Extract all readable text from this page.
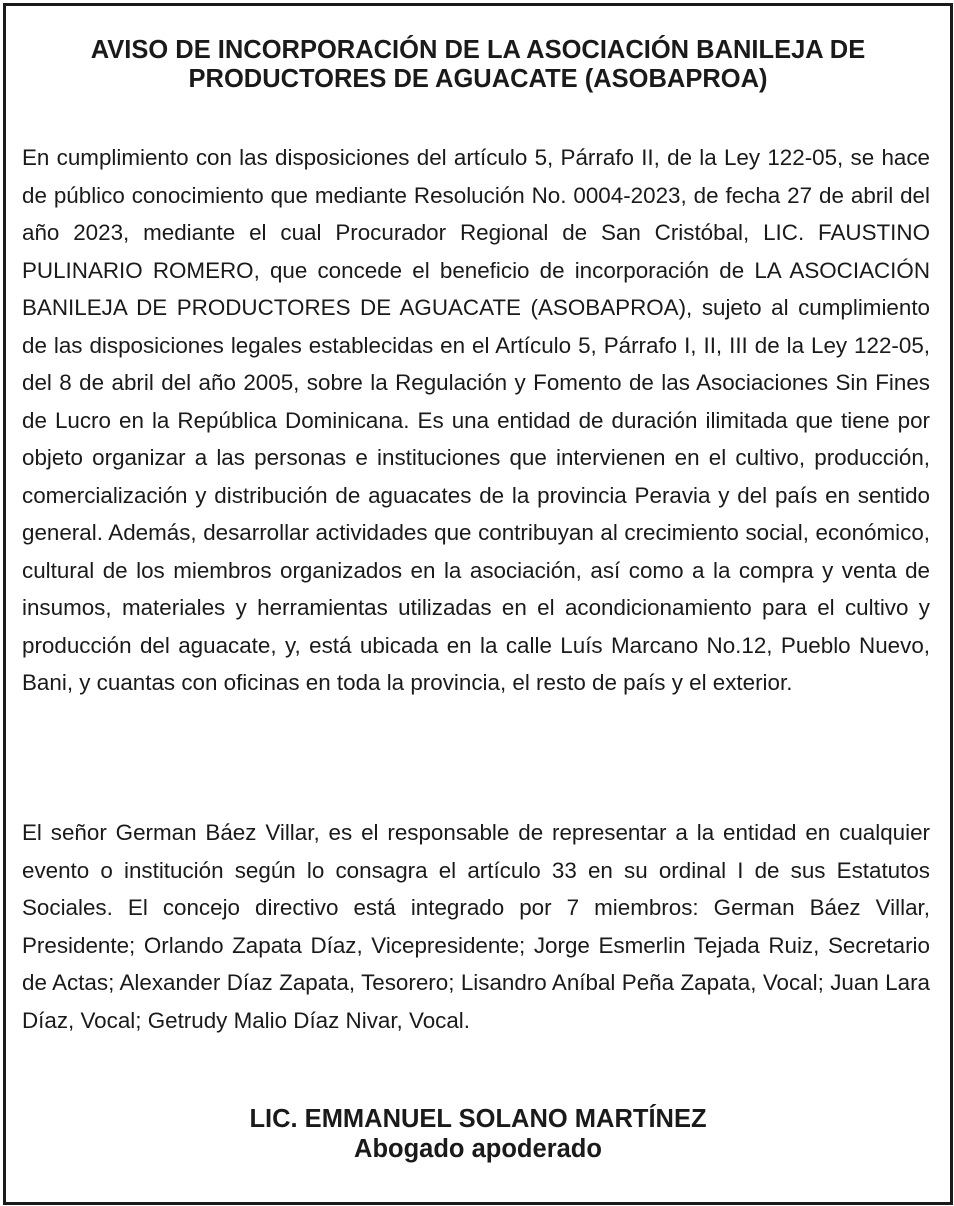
AVISO DE INCORPORACIÓN DE LA ASOCIACIÓN BANILEJA DE PRODUCTORES DE AGUACATE (ASOBAPROA)

En cumplimiento con las disposiciones del artículo 5, Párrafo II, de la Ley 122-05, se hace de público conocimiento que mediante Resolución No. 0004-2023, de fecha 27 de abril del año 2023, mediante el cual Procurador Regional de San Cristóbal, LIC. FAUSTINO PULINARIO ROMERO, que concede el beneficio de incorporación de LA ASOCIACIÓN BANILEJA DE PRODUCTORES DE AGUACATE (ASOBAPROA), sujeto al cumplimiento de las disposiciones legales establecidas en el Artículo 5, Párrafo I, II, III de la Ley 122-05, del 8 de abril del año 2005, sobre la Regulación y Fomento de las Asociaciones Sin Fines de Lucro en la República Dominicana. Es una entidad de duración ilimitada que tiene por objeto organizar a las personas e instituciones que intervienen en el cultivo, producción, comercialización y distribución de aguacates de la provincia Peravia y del país en sentido general. Además, desarrollar actividades que contribuyan al crecimiento social, económico, cultural de los miembros organizados en la asociación, así como a la compra y venta de insumos, materiales y herramientas utilizadas en el acondicionamiento para el cultivo y producción del aguacate, y, está ubicada en la calle Luís Marcano No.12, Pueblo Nuevo, Bani, y cuantas con oficinas en toda la provincia, el resto de país y el exterior.

El señor German Báez Villar, es el responsable de representar a la entidad en cualquier evento o institución según lo consagra el artículo 33 en su ordinal I de sus Estatutos Sociales. El concejo directivo está integrado por 7 miembros: German Báez Villar, Presidente; Orlando Zapata Díaz, Vicepresidente; Jorge Esmerlin Tejada Ruiz, Secretario de Actas; Alexander Díaz Zapata, Tesorero; Lisandro Aníbal Peña Zapata, Vocal; Juan Lara Díaz, Vocal; Getrudy Malio Díaz Nivar, Vocal.

LIC. EMMANUEL SOLANO MARTÍNEZ
Abogado apoderado
